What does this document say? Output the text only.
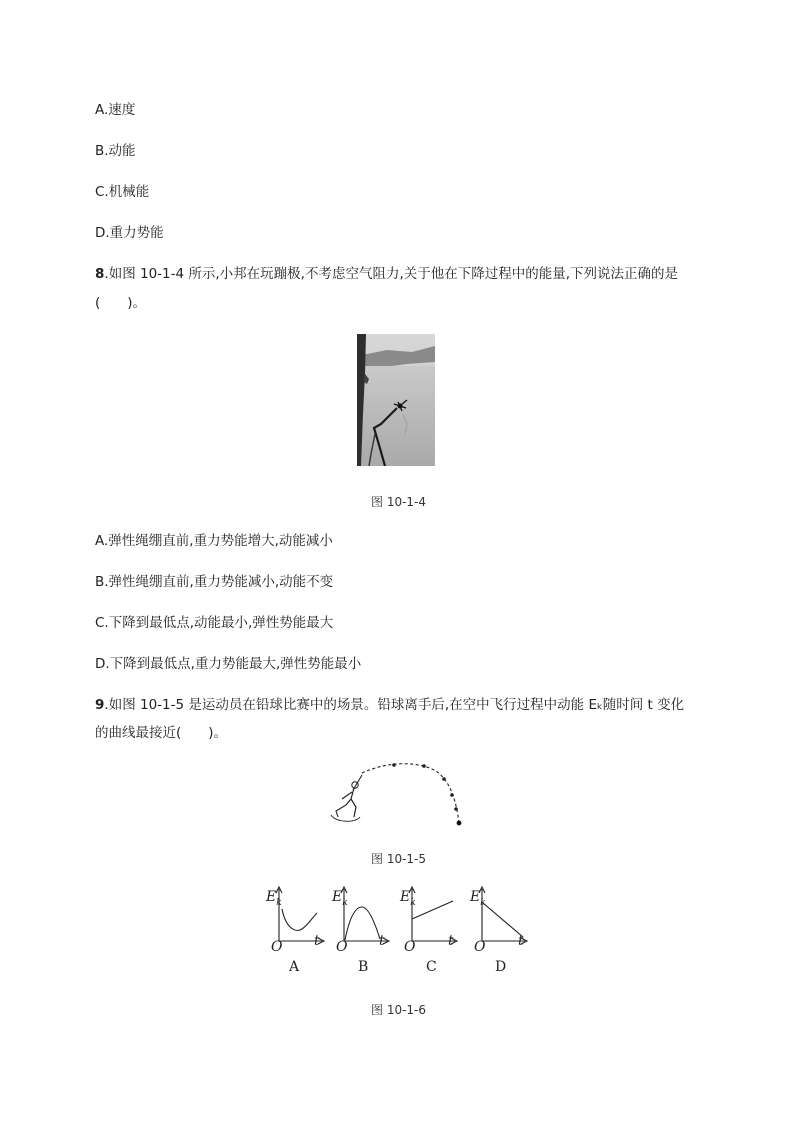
A.速度
B.动能
C.机械能
D.重力势能
8.如图 10-1-4 所示,小邦在玩蹦极,不考虑空气阻力,关于他在下降过程中的能量,下列说法正确的是
(　　)。
图 10-1-4
A.弹性绳绷直前,重力势能增大,动能减小
B.弹性绳绷直前,重力势能减小,动能不变
C.下降到最低点,动能最小,弹性势能最大
D.下降到最低点,重力势能最大,弹性势能最小
9.如图 10-1-5 是运动员在铅球比赛中的场景。铅球离手后,在空中飞行过程中动能 Eₖ随时间 t 变化
的曲线最接近(　　)。
图 10-1-5
$E_k$
O t
A
$E_k$
O t
B
$E_k$
O t
C
$E_k$
O t
D
图 10-1-6
